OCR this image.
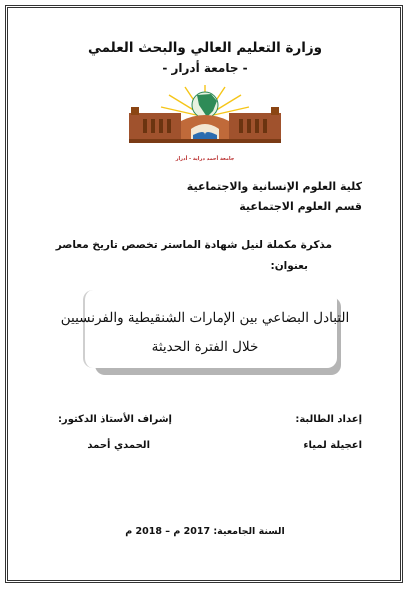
وزارة التعليم العالي والبحث العلمي
- جامعة أدرار -
جامعة أحمد دراية - أدرار
كلية العلوم الإنسانية والاجتماعية
قسم العلوم الاجتماعية
مذكرة مكملة لنيل شهادة الماستر تخصص تاريخ معاصر
بعنوان:
التبادل البضاعي بين الإمارات الشنقيطية والفرنسيين
خلال الفترة الحديثة
إعداد الطالبة:
اعجيلة لمياء
إشراف الأستاذ الدكتور:
الحمدي أحمد
السنة الجامعية: 2017 م – 2018 م
